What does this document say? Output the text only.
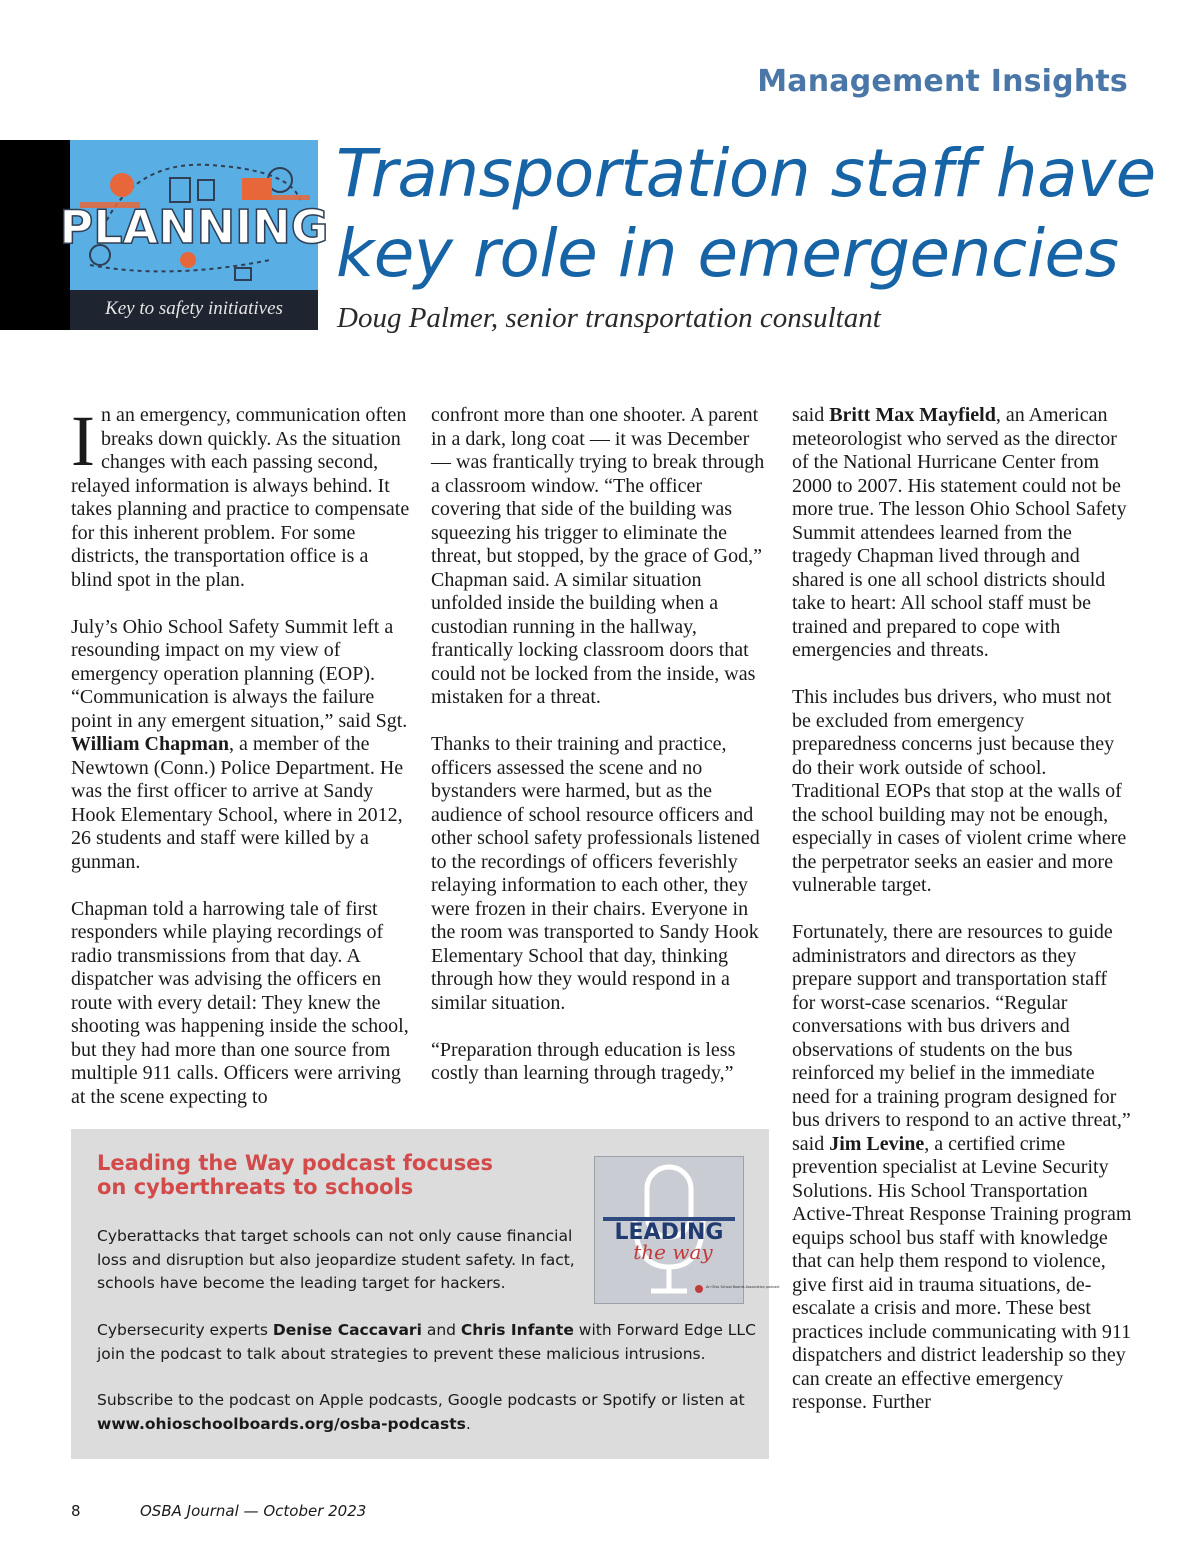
Management Insights
PLANNING
Key to safety initiatives
Transportation staff have key role in emergencies
Doug Palmer, senior transportation consultant

In an emergency, communication often breaks down quickly. As the situation changes with each passing second, relayed information is always behind. It takes planning and practice to compensate for this inherent problem. For some districts, the transportation office is a blind spot in the plan.

July’s Ohio School Safety Summit left a resounding impact on my view of emergency operation planning (EOP). “Communication is always the failure point in any emergent situation,” said Sgt. William Chapman, a member of the Newtown (Conn.) Police Department. He was the first officer to arrive at Sandy Hook Elementary School, where in 2012, 26 students and staff were killed by a gunman.

Chapman told a harrowing tale of first responders while playing recordings of radio transmissions from that day. A dispatcher was advising the officers en route with every detail: They knew the shooting was happening inside the school, but they had more than one source from multiple 911 calls. Officers were arriving at the scene expecting to

confront more than one shooter. A parent in a dark, long coat — it was December — was frantically trying to break through a classroom window. “The officer covering that side of the building was squeezing his trigger to eliminate the threat, but stopped, by the grace of God,” Chapman said. A similar situation unfolded inside the building when a custodian running in the hallway, frantically locking classroom doors that could not be locked from the inside, was mistaken for a threat.

Thanks to their training and practice, officers assessed the scene and no bystanders were harmed, but as the audience of school resource officers and other school safety professionals listened to the recordings of officers feverishly relaying information to each other, they were frozen in their chairs. Everyone in the room was transported to Sandy Hook Elementary School that day, thinking through how they would respond in a similar situation.

“Preparation through education is less costly than learning through tragedy,”

said Britt Max Mayfield, an American meteorologist who served as the director of the National Hurricane Center from 2000 to 2007. His statement could not be more true. The lesson Ohio School Safety Summit attendees learned from the tragedy Chapman lived through and shared is one all school districts should take to heart: All school staff must be trained and prepared to cope with emergencies and threats.

This includes bus drivers, who must not be excluded from emergency preparedness concerns just because they do their work outside of school. Traditional EOPs that stop at the walls of the school building may not be enough, especially in cases of violent crime where the perpetrator seeks an easier and more vulnerable target.

Fortunately, there are resources to guide administrators and directors as they prepare support and transportation staff for worst-case scenarios. “Regular conversations with bus drivers and observations of students on the bus reinforced my belief in the immediate need for a training program designed for bus drivers to respond to an active threat,” said Jim Levine, a certified crime prevention specialist at Levine Security Solutions. His School Transportation Active-Threat Response Training program equips school bus staff with knowledge that can help them respond to violence, give first aid in trauma situations, de-escalate a crisis and more. These best practices include communicating with 911 dispatchers and district leadership so they can create an effective emergency response. Further

Leading the Way podcast focuses on cyberthreats to schools
Cyberattacks that target schools can not only cause financial loss and disruption but also jeopardize student safety. In fact, schools have become the leading target for hackers.
Cybersecurity experts Denise Caccavari and Chris Infante with Forward Edge LLC join the podcast to talk about strategies to prevent these malicious intrusions.
Subscribe to the podcast on Apple podcasts, Google podcasts or Spotify or listen at www.ohioschoolboards.org/osba-podcasts.
LEADING
the way
An Ohio School Boards Association podcast
8	OSBA Journal — October 2023
